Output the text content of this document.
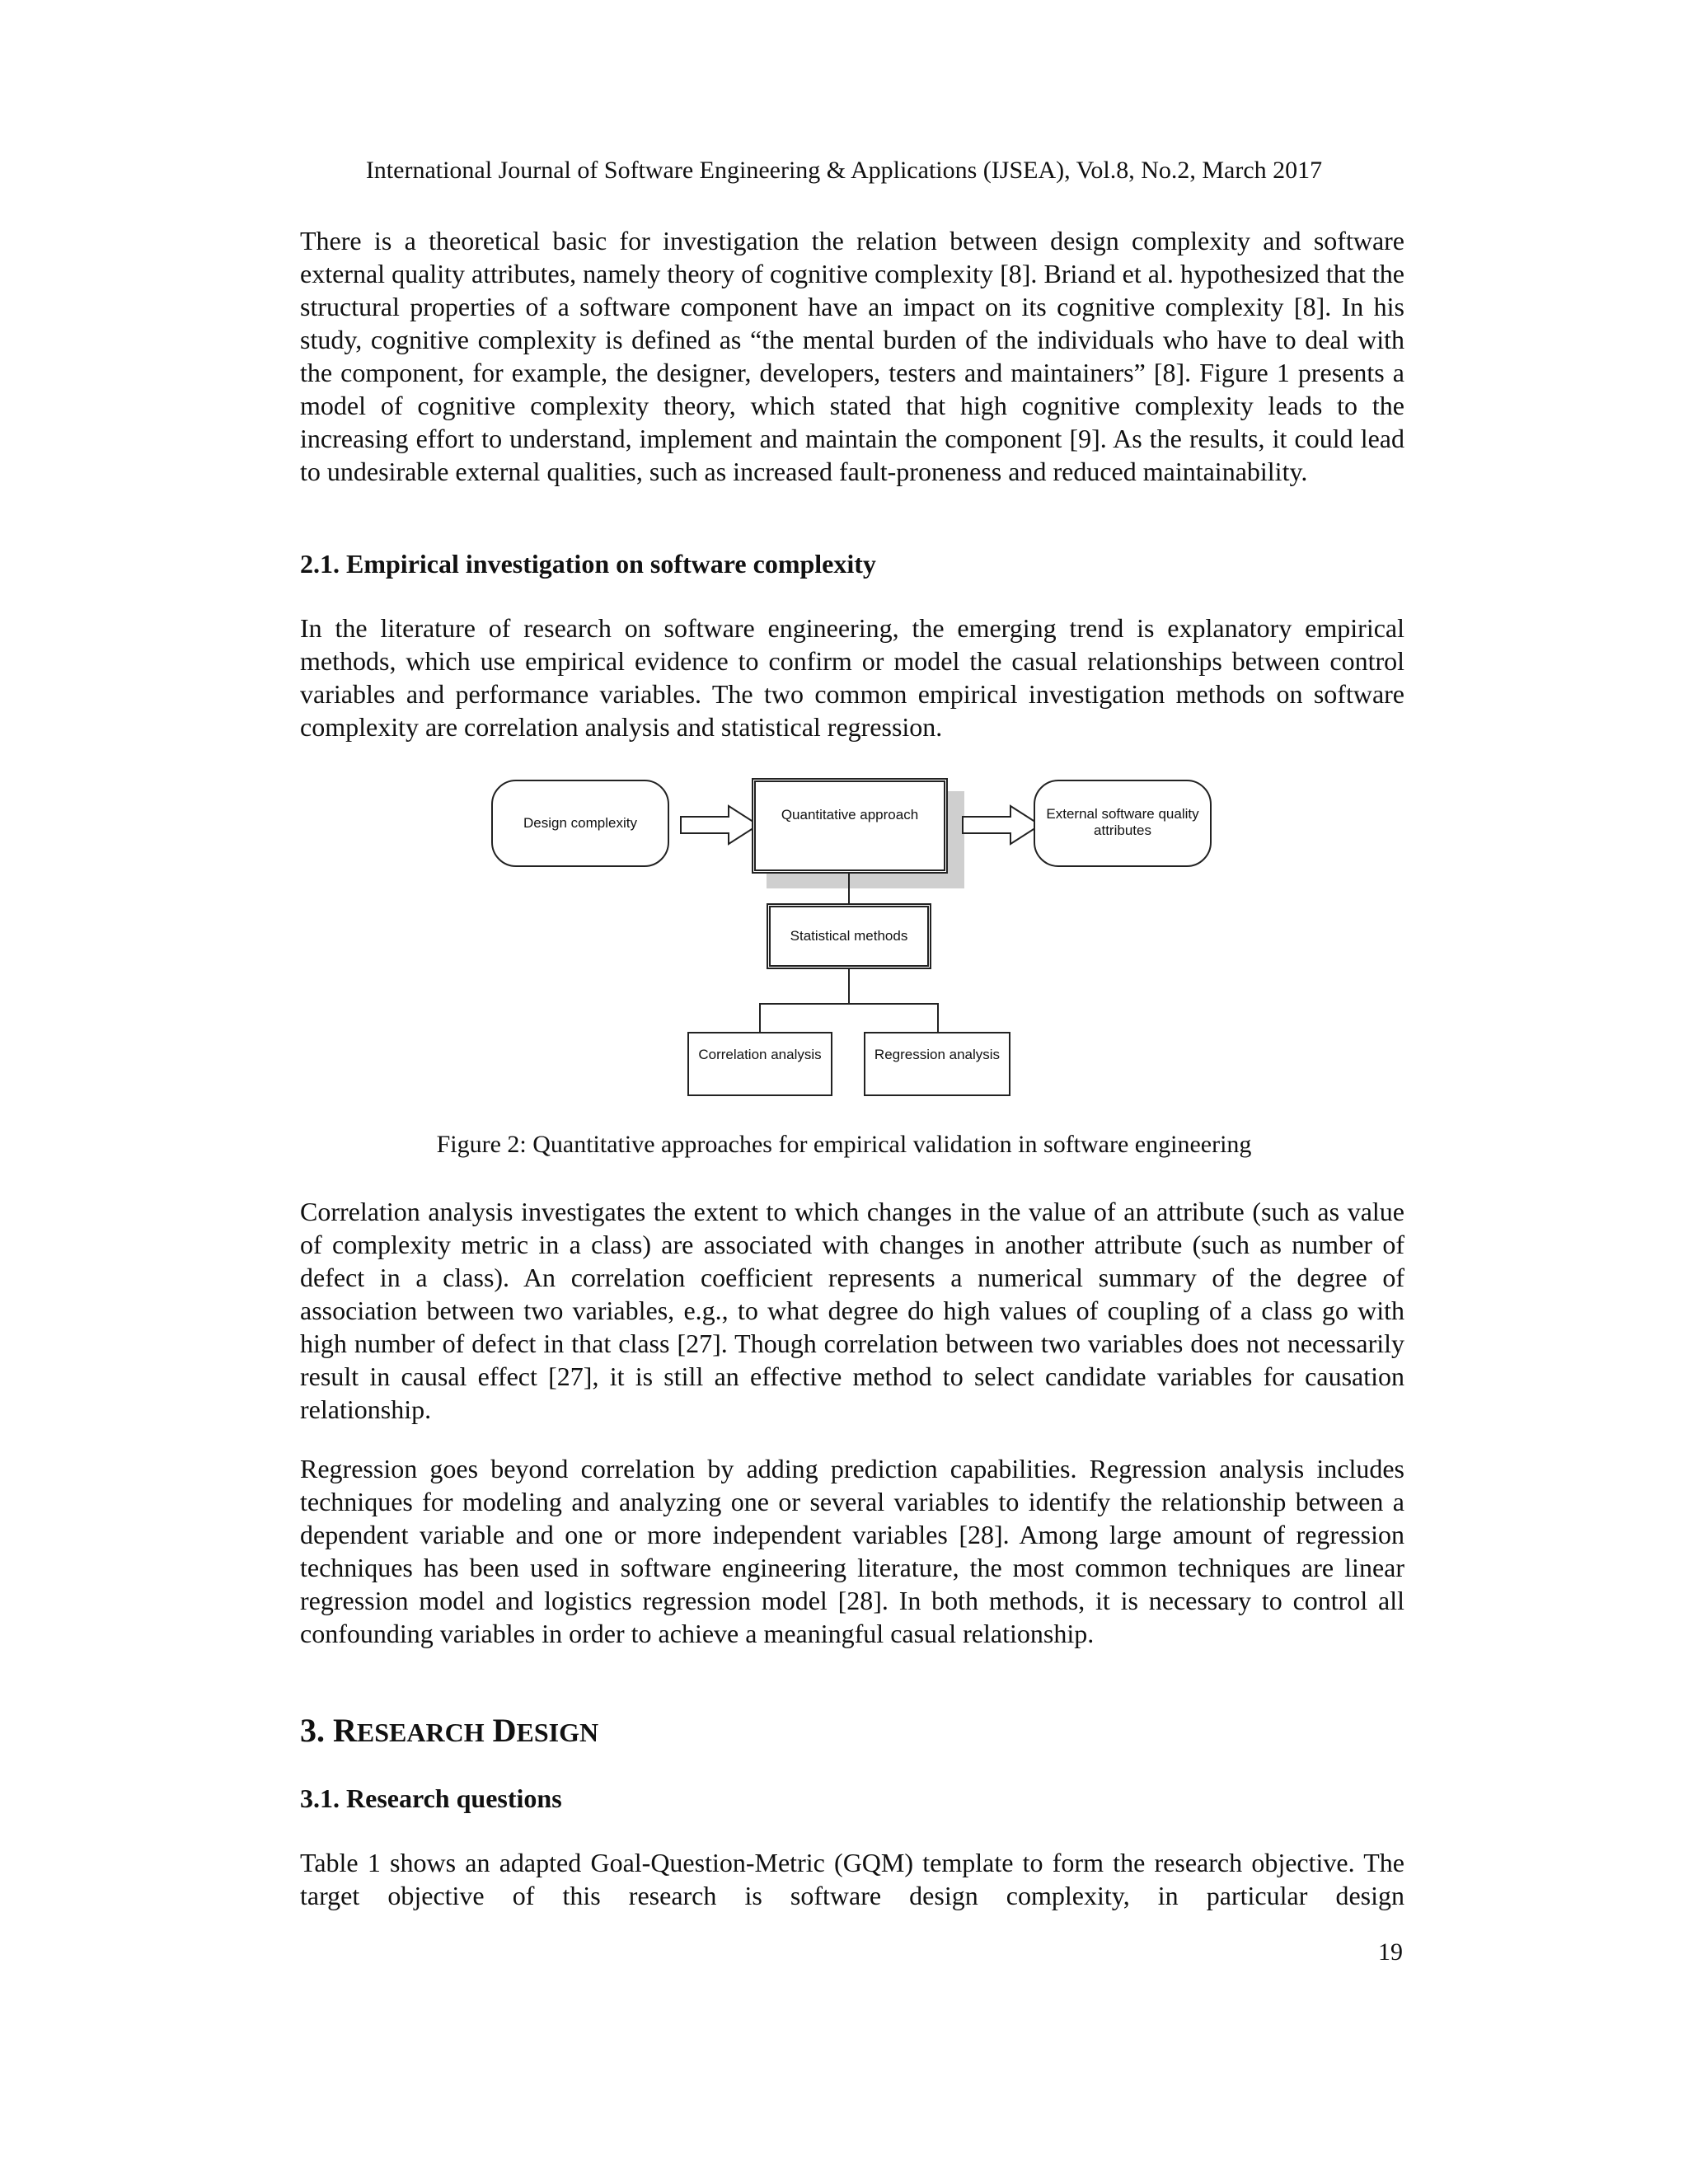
International Journal of Software Engineering & Applications (IJSEA), Vol.8, No.2, March 2017

There is a theoretical basic for investigation the relation between design complexity and software external quality attributes, namely theory of cognitive complexity [8]. Briand et al. hypothesized that the structural properties of a software component have an impact on its cognitive complexity [8]. In his study, cognitive complexity is defined as “the mental burden of the individuals who have to deal with the component, for example, the designer, developers, testers and maintainers” [8]. Figure 1 presents a model of cognitive complexity theory, which stated that high cognitive complexity leads to the increasing effort to understand, implement and maintain the component [9]. As the results, it could lead to undesirable external qualities, such as increased fault-proneness and reduced maintainability.

2.1. Empirical investigation on software complexity

In the literature of research on software engineering, the emerging trend is explanatory empirical methods, which use empirical evidence to confirm or model the casual relationships between control variables and performance variables. The two common empirical investigation methods on software complexity are correlation analysis and statistical regression.

Design complexity
Quantitative approach	External software quality attributes
Statistical methods
Correlation analysis	Regression analysis
Figure 2: Quantitative approaches for empirical validation in software engineering

Correlation analysis investigates the extent to which changes in the value of an attribute (such as value of complexity metric in a class) are associated with changes in another attribute (such as number of defect in a class). An correlation coefficient represents a numerical summary of the degree of association between two variables, e.g., to what degree do high values of coupling of a class go with high number of defect in that class [27]. Though correlation between two variables does not necessarily result in causal effect [27], it is still an effective method to select candidate variables for causation relationship.

Regression goes beyond correlation by adding prediction capabilities. Regression analysis includes techniques for modeling and analyzing one or several variables to identify the relationship between a dependent variable and one or more independent variables [28]. Among large amount of regression techniques has been used in software engineering literature, the most common techniques are linear regression model and logistics regression model [28]. In both methods, it is necessary to control all confounding variables in order to achieve a meaningful casual relationship.

3. RESEARCH DESIGN

3.1. Research questions

Table 1 shows an adapted Goal-Question-Metric (GQM) template to form the research objective. The target objective of this research is software design complexity, in particular design

19
